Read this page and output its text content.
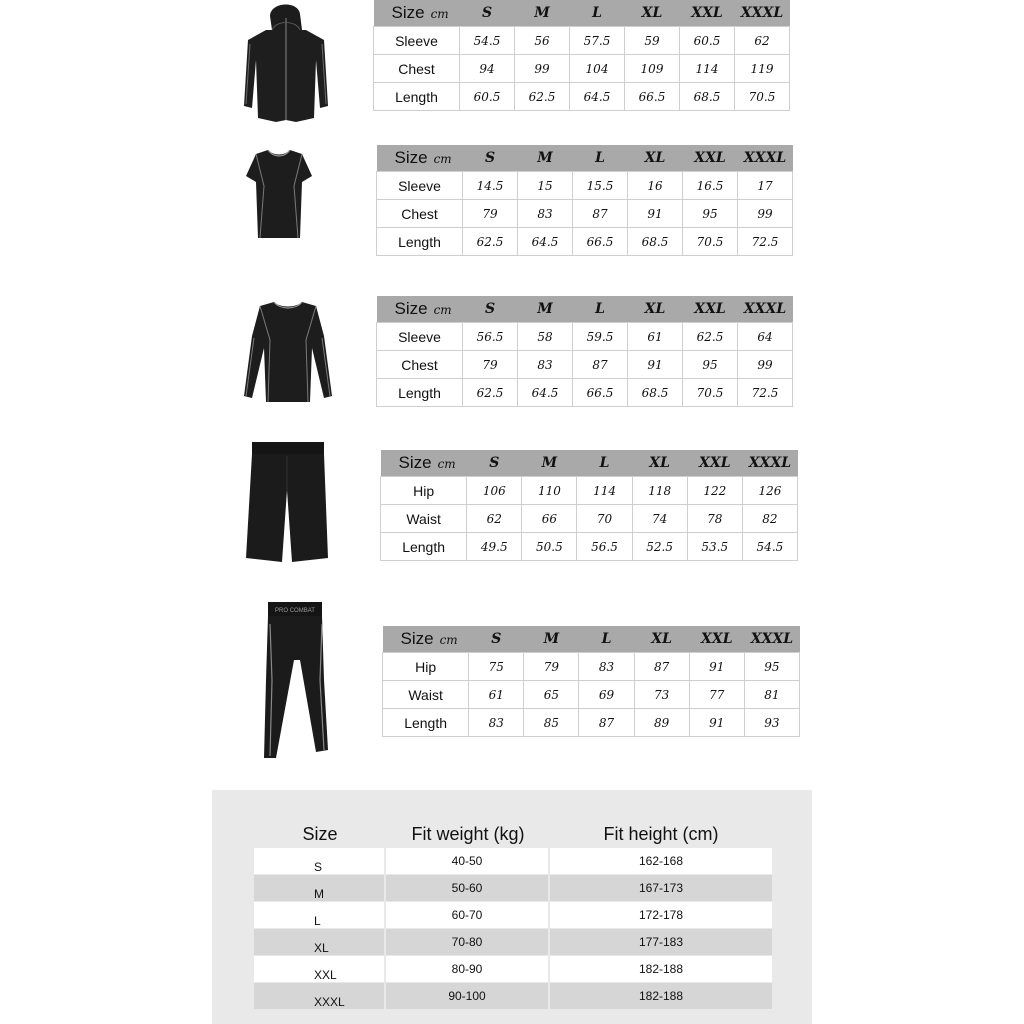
PRO COMBAT
Size cm	S	M	L	XL	XXL	XXXL
Sleeve	54.5	56	57.5	59	60.5	62
Chest	94	99	104	109	114	119
Length	60.5	62.5	64.5	66.5	68.5	70.5
Size cm	S	M	L	XL	XXL	XXXL
Sleeve	14.5	15	15.5	16	16.5	17
Chest	79	83	87	91	95	99
Length	62.5	64.5	66.5	68.5	70.5	72.5
Size cm	S	M	L	XL	XXL	XXXL
Sleeve	56.5	58	59.5	61	62.5	64
Chest	79	83	87	91	95	99
Length	62.5	64.5	66.5	68.5	70.5	72.5
Size cm	S	M	L	XL	XXL	XXXL
Hip	106	110	114	118	122	126
Waist	62	66	70	74	78	82
Length	49.5	50.5	56.5	52.5	53.5	54.5
Size cm	S	M	L	XL	XXL	XXXL
Hip	75	79	83	87	91	95
Waist	61	65	69	73	77	81
Length	83	85	87	89	91	93
Size	Fit weight (kg)	Fit height (cm)
S	40-50	162-168
M	50-60	167-173
L	60-70	172-178
XL	70-80	177-183
XXL	80-90	182-188
XXXL	90-100	182-188
